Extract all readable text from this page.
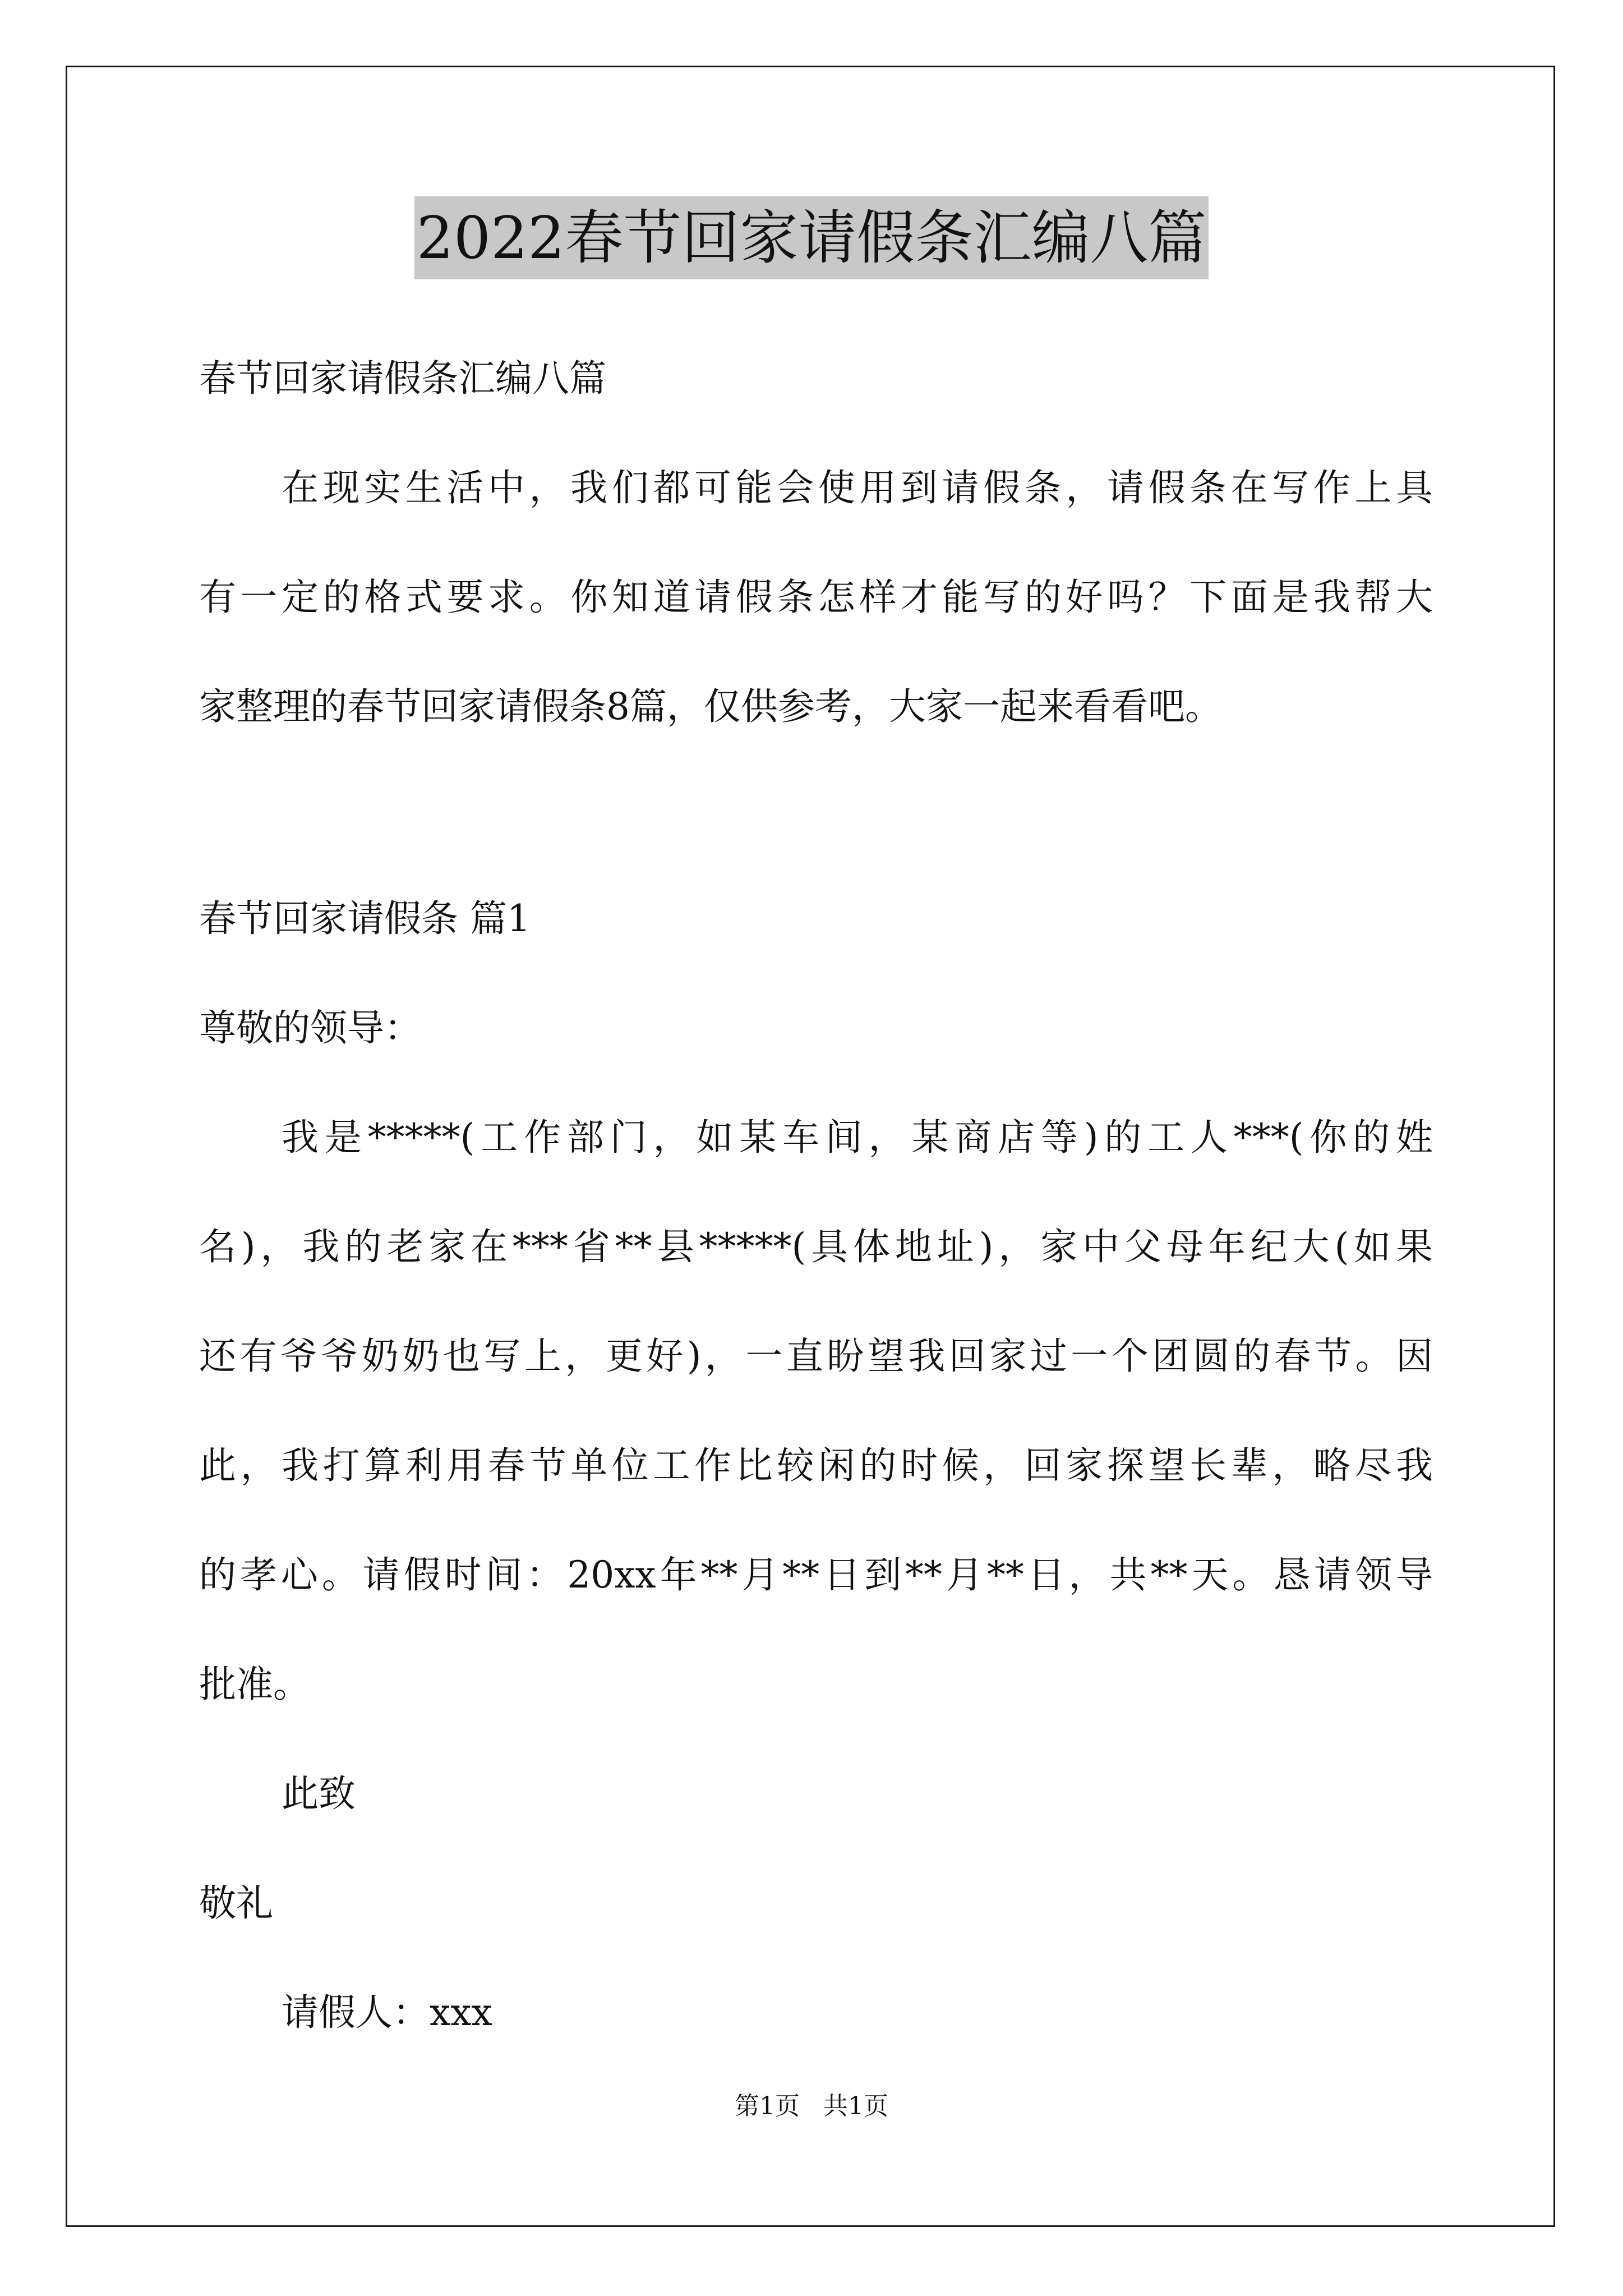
2022春节回家请假条汇编八篇
春节回家请假条汇编八篇
在现实生活中，我们都可能会使用到请假条，请假条在写作上具
有一定的格式要求。你知道请假条怎样才能写的好吗？下面是我帮大
家整理的春节回家请假条8篇，仅供参考，大家一起来看看吧。
春节回家请假条 篇1
尊敬的领导：
我是*****(工作部门，如某车间，某商店等)的工人***(你的姓
名)，我的老家在***省**县*****(具体地址)，家中父母年纪大(如果
还有爷爷奶奶也写上，更好)，一直盼望我回家过一个团圆的春节。因
此，我打算利用春节单位工作比较闲的时候，回家探望长辈，略尽我
的孝心。请假时间：20xx年**月**日到**月**日，共**天。恳请领导
批准。
此致
敬礼
请假人：xxx
第1页   共1页
